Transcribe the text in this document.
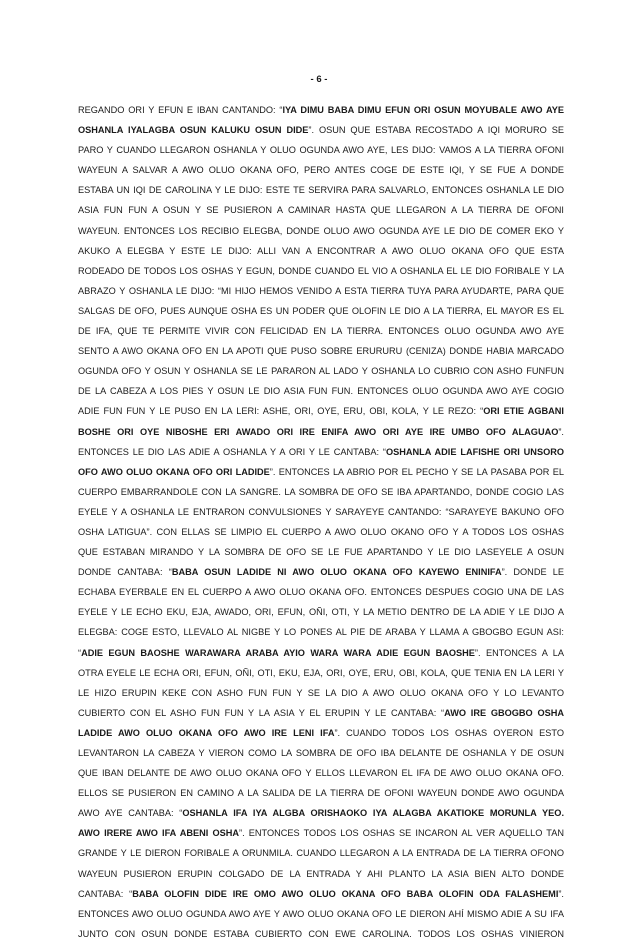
- 6 -
REGANDO ORI Y EFUN E IBAN CANTANDO: “IYA DIMU BABA DIMU EFUN ORI OSUN MOYUBALE AWO AYE
OSHANLA IYALAGBA OSUN KALUKU OSUN DIDE”. OSUN QUE ESTABA RECOSTADO A IQI MORURO SE
PARO Y CUANDO LLEGARON OSHANLA Y OLUO OGUNDA AWO AYE, LES DIJO: VAMOS A LA TIERRA OFONI
WAYEUN A SALVAR A AWO OLUO OKANA OFO, PERO ANTES COGE DE ESTE IQI, Y SE FUE A DONDE
ESTABA UN IQI DE CAROLINA Y LE DIJO: ESTE TE SERVIRA PARA SALVARLO, ENTONCES OSHANLA LE DIO
ASIA FUN FUN A OSUN Y SE PUSIERON A CAMINAR HASTA QUE LLEGARON A LA TIERRA DE OFONI
WAYEUN. ENTONCES LOS RECIBIO ELEGBA, DONDE OLUO AWO OGUNDA AYE LE DIO DE COMER EKO Y
AKUKO A ELEGBA Y ESTE LE DIJO: ALLI VAN A ENCONTRAR A AWO OLUO OKANA OFO QUE ESTA
RODEADO DE TODOS LOS OSHAS Y EGUN, DONDE CUANDO EL VIO A OSHANLA EL LE DIO FORIBALE Y LA
ABRAZO Y OSHANLA LE DIJO: “MI HIJO HEMOS VENIDO A ESTA TIERRA TUYA PARA AYUDARTE, PARA QUE
SALGAS DE OFO, PUES AUNQUE OSHA ES UN PODER QUE OLOFIN LE DIO A LA TIERRA, EL MAYOR ES EL
DE IFA, QUE TE PERMITE VIVIR CON FELICIDAD EN LA TIERRA. ENTONCES OLUO OGUNDA AWO AYE
SENTO A AWO OKANA OFO EN LA APOTI QUE PUSO SOBRE ERURURU (CENIZA) DONDE HABIA MARCADO
OGUNDA OFO Y OSUN Y OSHANLA SE LE PARARON AL LADO Y OSHANLA LO CUBRIO CON ASHO FUNFUN
DE LA CABEZA A LOS PIES Y OSUN LE DIO ASIA FUN FUN. ENTONCES OLUO OGUNDA AWO AYE COGIO
ADIE FUN FUN Y LE PUSO EN LA LERI: ASHE, ORI, OYE, ERU, OBI, KOLA, Y LE REZO: “ORI ETIE AGBANI
BOSHE ORI OYE NIBOSHE ERI AWADO ORI IRE ENIFA AWO ORI AYE IRE UMBO OFO ALAGUAO”.
ENTONCES LE DIO LAS ADIE A OSHANLA Y A ORI Y LE CANTABA: “OSHANLA ADIE LAFISHE ORI UNSORO
OFO AWO OLUO OKANA OFO ORI LADIDE”. ENTONCES LA ABRIO POR EL PECHO Y SE LA PASABA POR EL
CUERPO EMBARRANDOLE CON LA SANGRE. LA SOMBRA DE OFO SE IBA APARTANDO, DONDE COGIO LAS
EYELE Y A OSHANLA LE ENTRARON CONVULSIONES Y SARAYEYE CANTANDO: “SARAYEYE BAKUNO OFO
OSHA LATIGUA”. CON ELLAS SE LIMPIO EL CUERPO A AWO OLUO OKANO OFO Y A TODOS LOS OSHAS
QUE ESTABAN MIRANDO Y LA SOMBRA DE OFO SE LE FUE APARTANDO Y LE DIO LASEYELE A OSUN
DONDE CANTABA: “BABA OSUN LADIDE NI AWO OLUO OKANA OFO KAYEWO ENINIFA”. DONDE LE
ECHABA EYERBALE EN EL CUERPO A AWO OLUO OKANA OFO. ENTONCES DESPUES COGIO UNA DE LAS
EYELE Y LE ECHO EKU, EJA, AWADO, ORI, EFUN, OÑI, OTI, Y LA METIO DENTRO DE LA ADIE Y LE DIJO A
ELEGBA: COGE ESTO, LLEVALO AL NIGBE Y LO PONES AL PIE DE ARABA Y LLAMA A GBOGBO EGUN ASI:
“ADIE EGUN BAOSHE WARAWARA ARABA AYIO WARA WARA ADIE EGUN BAOSHE”. ENTONCES A LA
OTRA EYELE LE ECHA ORI, EFUN, OÑI, OTI, EKU, EJA, ORI, OYE, ERU, OBI, KOLA, QUE TENIA EN LA LERI Y
LE HIZO ERUPIN KEKE CON ASHO FUN FUN Y SE LA DIO A AWO OLUO OKANA OFO Y LO LEVANTO
CUBIERTO CON EL ASHO FUN FUN Y LA ASIA Y EL ERUPIN Y LE CANTABA: “AWO IRE GBOGBO OSHA
LADIDE AWO OLUO OKANA OFO AWO IRE LENI IFA”. CUANDO TODOS LOS OSHAS OYERON ESTO
LEVANTARON LA CABEZA Y VIERON COMO LA SOMBRA DE OFO IBA DELANTE DE OSHANLA Y DE OSUN
QUE IBAN DELANTE DE AWO OLUO OKANA OFO Y ELLOS LLEVARON EL IFA DE AWO OLUO OKANA OFO.
ELLOS SE PUSIERON EN CAMINO A LA SALIDA DE LA TIERRA DE OFONI WAYEUN DONDE AWO OGUNDA
AWO AYE CANTABA: “OSHANLA IFA IYA ALGBA ORISHAOKO IYA ALAGBA AKATIOKE MORUNLA YEO.
AWO IRERE AWO IFA ABENI OSHA”. ENTONCES TODOS LOS OSHAS SE INCARON AL VER AQUELLO TAN
GRANDE Y LE DIERON FORIBALE A ORUNMILA. CUANDO LLEGARON A LA ENTRADA DE LA TIERRA OFONO
WAYEUN PUSIERON ERUPIN COLGADO DE LA ENTRADA Y AHI PLANTO LA ASIA BIEN ALTO DONDE
CANTABA: “BABA OLOFIN DIDE IRE OMO AWO OLUO OKANA OFO BABA OLOFIN ODA FALASHEMI”.
ENTONCES AWO OLUO OGUNDA AWO AYE Y AWO OLUO OKANA OFO LE DIERON AHÍ MISMO ADIE A SU IFA
JUNTO CON OSUN DONDE ESTABA CUBIERTO CON EWE CAROLINA. TODOS LOS OSHAS VINIERON
